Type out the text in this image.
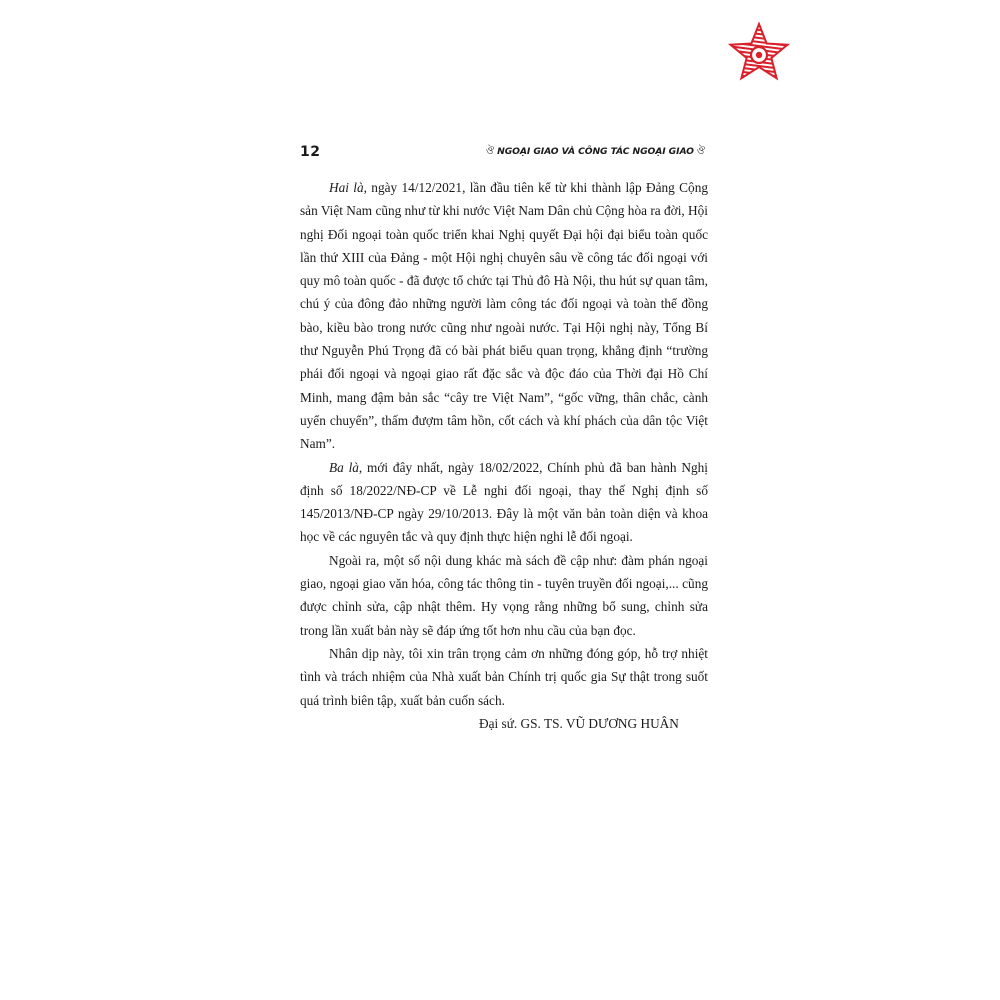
12	ঔ NGOẠI GIAO VÀ CÔNG TÁC NGOẠI GIAO ঔ

Hai là, ngày 14/12/2021, lần đầu tiên kể từ khi thành lập Đảng Cộng sản Việt Nam cũng như từ khi nước Việt Nam Dân chủ Cộng hòa ra đời, Hội nghị Đối ngoại toàn quốc triển khai Nghị quyết Đại hội đại biểu toàn quốc lần thứ XIII của Đảng - một Hội nghị chuyên sâu về công tác đối ngoại với quy mô toàn quốc - đã được tổ chức tại Thủ đô Hà Nội, thu hút sự quan tâm, chú ý của đông đảo những người làm công tác đối ngoại và toàn thể đồng bào, kiều bào trong nước cũng như ngoài nước. Tại Hội nghị này, Tổng Bí thư Nguyễn Phú Trọng đã có bài phát biểu quan trọng, khẳng định “trường phái đối ngoại và ngoại giao rất đặc sắc và độc đáo của Thời đại Hồ Chí Minh, mang đậm bản sắc “cây tre Việt Nam”, “gốc vững, thân chắc, cành uyển chuyển”, thấm đượm tâm hồn, cốt cách và khí phách của dân tộc Việt Nam”.

Ba là, mới đây nhất, ngày 18/02/2022, Chính phủ đã ban hành Nghị định số 18/2022/NĐ-CP về Lễ nghi đối ngoại, thay thế Nghị định số 145/2013/NĐ-CP ngày 29/10/2013. Đây là một văn bản toàn diện và khoa học về các nguyên tắc và quy định thực hiện nghi lễ đối ngoại.

Ngoài ra, một số nội dung khác mà sách đề cập như: đàm phán ngoại giao, ngoại giao văn hóa, công tác thông tin - tuyên truyền đối ngoại,... cũng được chỉnh sửa, cập nhật thêm. Hy vọng rằng những bổ sung, chỉnh sửa trong lần xuất bản này sẽ đáp ứng tốt hơn nhu cầu của bạn đọc.

Nhân dịp này, tôi xin trân trọng cảm ơn những đóng góp, hỗ trợ nhiệt tình và trách nhiệm của Nhà xuất bản Chính trị quốc gia Sự thật trong suốt quá trình biên tập, xuất bản cuốn sách.

Đại sứ. GS. TS. VŨ DƯƠNG HUÂN
